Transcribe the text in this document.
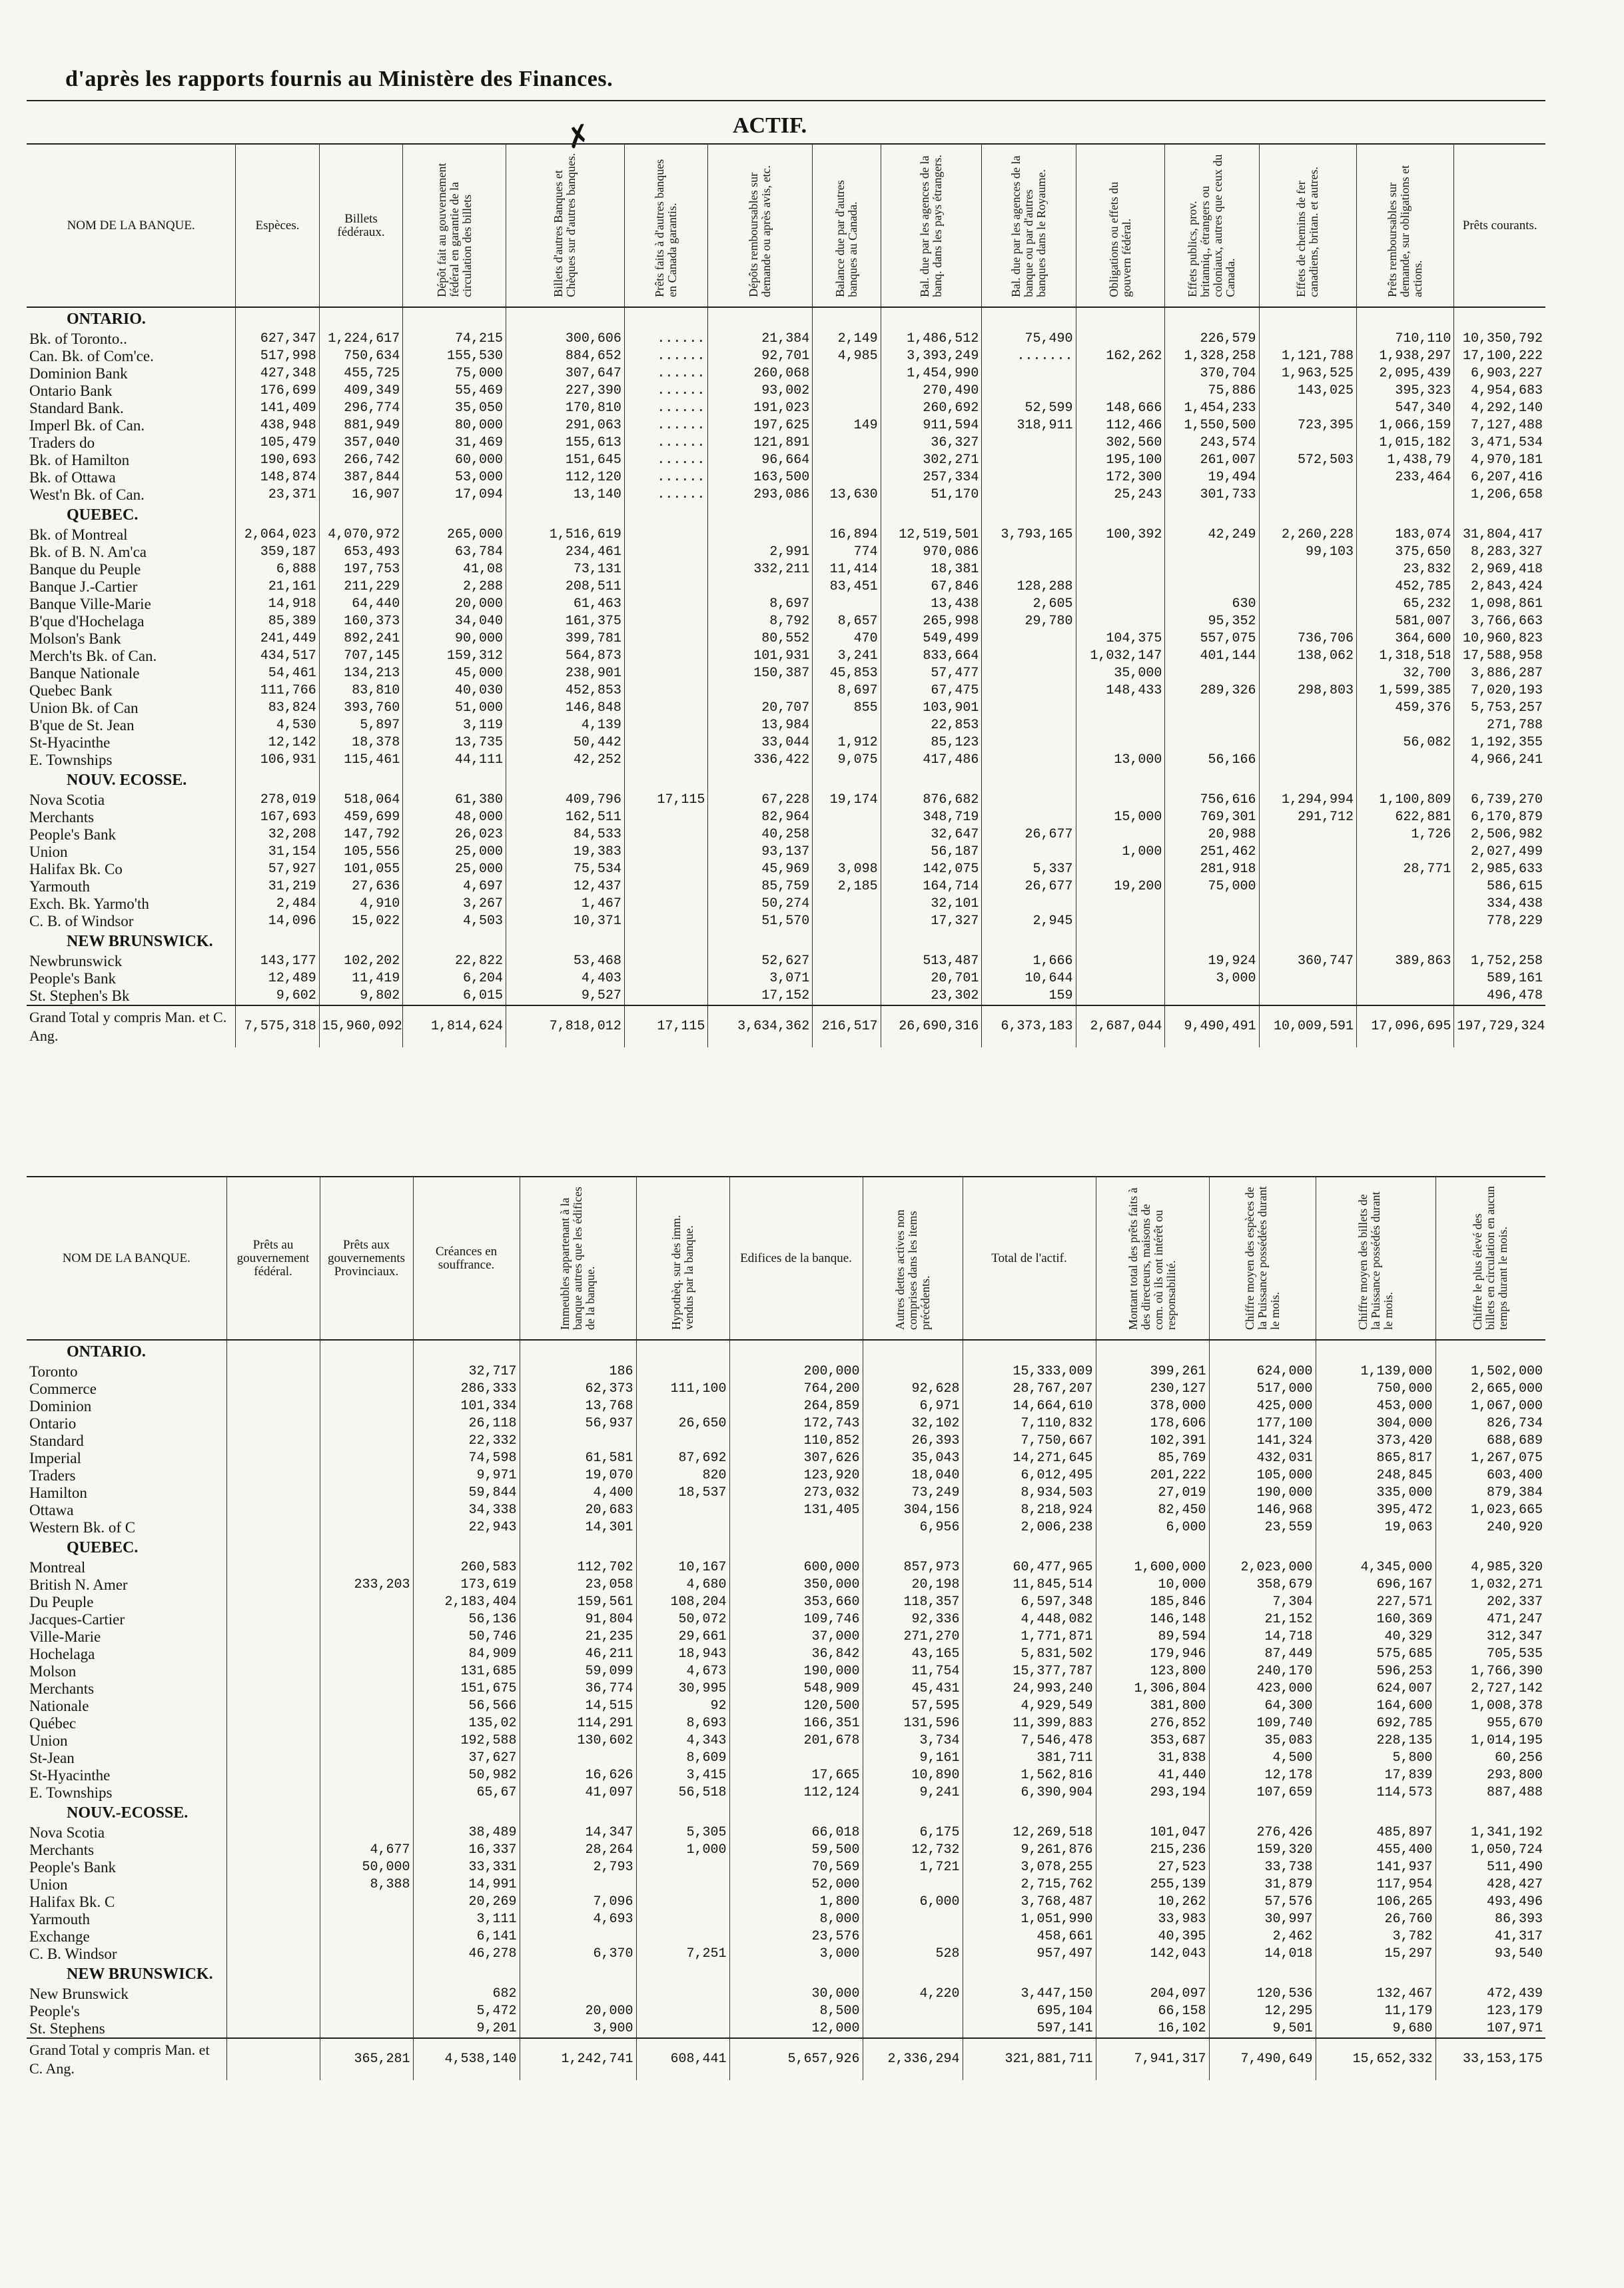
d'après les rapports fournis au Ministère des Finances.
✗	ACTIF.
NOM DE LA BANQUE.	Espèces.	Billets fédéraux.	Dépôt fait au gouvernement fédéral en garantie de la circulation des billets	Billets d'autres Banques et Chèques sur d'autres banques.	Prêts faits à d'autres banques en Canada garantis.	Dépôts remboursables sur demande ou après avis, etc.	Balance due par d'autres banques au Canada.	Bal. due par les agences de la banq. dans les pays étrangers.	Bal. due par les agences de la banque ou par d'autres banques dans le Royaume.	Obligations ou effets du gouvern fédéral.	Effets publics, prov. britanniq., étrangers ou coloniaux, autres que ceux du Canada.	Effets de chemins de fer canadiens, britan. et autres.	Prêts remboursables sur demande, sur obligations et actions.	Prêts courants.
ONTARIO.														
Bk. of Toronto..	627,347	1,224,617	74,215	300,606	......	21,384	2,149	1,486,512	75,490		226,579		710,110	10,350,792
Can. Bk. of Com'ce.	517,998	750,634	155,530	884,652	......	92,701	4,985	3,393,249	.......	162,262	1,328,258	1,121,788	1,938,297	17,100,222
Dominion Bank	427,348	455,725	75,000	307,647	......	260,068		1,454,990			370,704	1,963,525	2,095,439	6,903,227
Ontario Bank	176,699	409,349	55,469	227,390	......	93,002		270,490			75,886	143,025	395,323	4,954,683
Standard Bank.	141,409	296,774	35,050	170,810	......	191,023		260,692	52,599	148,666	1,454,233		547,340	4,292,140
Imperl Bk. of Can.	438,948	881,949	80,000	291,063	......	197,625	149	911,594	318,911	112,466	1,550,500	723,395	1,066,159	7,127,488
Traders do	105,479	357,040	31,469	155,613	......	121,891		36,327		302,560	243,574		1,015,182	3,471,534
Bk. of Hamilton	190,693	266,742	60,000	151,645	......	96,664		302,271		195,100	261,007	572,503	1,438,79	4,970,181
Bk. of Ottawa	148,874	387,844	53,000	112,120	......	163,500		257,334		172,300	19,494		233,464	6,207,416
West'n Bk. of Can.	23,371	16,907	17,094	13,140	......	293,086	13,630	51,170		25,243	301,733			1,206,658
QUEBEC.														
Bk. of Montreal	2,064,023	4,070,972	265,000	1,516,619			16,894	12,519,501	3,793,165	100,392	42,249	2,260,228	183,074	31,804,417
Bk. of B. N. Am'ca	359,187	653,493	63,784	234,461		2,991	774	970,086				99,103	375,650	8,283,327
Banque du Peuple	6,888	197,753	41,08	73,131		332,211	11,414	18,381					23,832	2,969,418
Banque J.-Cartier	21,161	211,229	2,288	208,511			83,451	67,846	128,288				452,785	2,843,424
Banque Ville-Marie	14,918	64,440	20,000	61,463		8,697		13,438	2,605		630		65,232	1,098,861
B'que d'Hochelaga	85,389	160,373	34,040	161,375		8,792	8,657	265,998	29,780		95,352		581,007	3,766,663
Molson's Bank	241,449	892,241	90,000	399,781		80,552	470	549,499		104,375	557,075	736,706	364,600	10,960,823
Merch'ts Bk. of Can.	434,517	707,145	159,312	564,873		101,931	3,241	833,664		1,032,147	401,144	138,062	1,318,518	17,588,958
Banque Nationale	54,461	134,213	45,000	238,901		150,387	45,853	57,477		35,000			32,700	3,886,287
Quebec Bank	111,766	83,810	40,030	452,853			8,697	67,475		148,433	289,326	298,803	1,599,385	7,020,193
Union Bk. of Can	83,824	393,760	51,000	146,848		20,707	855	103,901					459,376	5,753,257
B'que de St. Jean	4,530	5,897	3,119	4,139		13,984		22,853						271,788
St-Hyacinthe	12,142	18,378	13,735	50,442		33,044	1,912	85,123					56,082	1,192,355
E. Townships	106,931	115,461	44,111	42,252		336,422	9,075	417,486		13,000	56,166			4,966,241
NOUV. ECOSSE.														
Nova Scotia	278,019	518,064	61,380	409,796	17,115	67,228	19,174	876,682			756,616	1,294,994	1,100,809	6,739,270
Merchants	167,693	459,699	48,000	162,511		82,964		348,719		15,000	769,301	291,712	622,881	6,170,879
People's Bank	32,208	147,792	26,023	84,533		40,258		32,647	26,677		20,988		1,726	2,506,982
Union	31,154	105,556	25,000	19,383		93,137		56,187		1,000	251,462			2,027,499
Halifax Bk. Co	57,927	101,055	25,000	75,534		45,969	3,098	142,075	5,337		281,918		28,771	2,985,633
Yarmouth	31,219	27,636	4,697	12,437		85,759	2,185	164,714	26,677	19,200	75,000			586,615
Exch. Bk. Yarmo'th	2,484	4,910	3,267	1,467		50,274		32,101						334,438
C. B. of Windsor	14,096	15,022	4,503	10,371		51,570		17,327	2,945					778,229
NEW BRUNSWICK.														
Newbrunswick	143,177	102,202	22,822	53,468		52,627		513,487	1,666		19,924	360,747	389,863	1,752,258
People's Bank	12,489	11,419	6,204	4,403		3,071		20,701	10,644		3,000			589,161
St. Stephen's Bk	9,602	9,802	6,015	9,527		17,152		23,302	159					496,478
Grand Total y compris Man. et C. Ang.	7,575,318	15,960,092	1,814,624	7,818,012	17,115	3,634,362	216,517	26,690,316	6,373,183	2,687,044	9,490,491	10,009,591	17,096,695	197,729,324
NOM DE LA BANQUE.	Prêts au gouvernement fédéral.	Prêts aux gouvernements Provinciaux.	Créances en souffrance.	Immeubles appartenant à la banque autres que les édifices de la banque.	Hypothèq. sur des imm. vendus par la banque.	Edifices de la banque.	Autres dettes actives non comprises dans les items précédents.	Total de l'actif.	Montant total des prêts faits à des directeurs, maisons de com. où ils ont intérêt ou responsabilité.	Chiffre moyen des espèces de la Puissance possédées durant le mois.	Chiffre moyen des billets de la Puissance possédés durant le mois.	Chiffre le plus élevé des billets en circulation en aucun temps durant le mois.
ONTARIO.												
Toronto			32,717	186		200,000		15,333,009	399,261	624,000	1,139,000	1,502,000
Commerce			286,333	62,373	111,100	764,200	92,628	28,767,207	230,127	517,000	750,000	2,665,000
Dominion			101,334	13,768		264,859	6,971	14,664,610	378,000	425,000	453,000	1,067,000
Ontario			26,118	56,937	26,650	172,743	32,102	7,110,832	178,606	177,100	304,000	826,734
Standard			22,332			110,852	26,393	7,750,667	102,391	141,324	373,420	688,689
Imperial			74,598	61,581	87,692	307,626	35,043	14,271,645	85,769	432,031	865,817	1,267,075
Traders			9,971	19,070	820	123,920	18,040	6,012,495	201,222	105,000	248,845	603,400
Hamilton			59,844	4,400	18,537	273,032	73,249	8,934,503	27,019	190,000	335,000	879,384
Ottawa			34,338	20,683		131,405	304,156	8,218,924	82,450	146,968	395,472	1,023,665
Western Bk. of C			22,943	14,301			6,956	2,006,238	6,000	23,559	19,063	240,920
QUEBEC.												
Montreal			260,583	112,702	10,167	600,000	857,973	60,477,965	1,600,000	2,023,000	4,345,000	4,985,320
British N. Amer		233,203	173,619	23,058	4,680	350,000	20,198	11,845,514	10,000	358,679	696,167	1,032,271
Du Peuple			2,183,404	159,561	108,204	353,660	118,357	6,597,348	185,846	7,304	227,571	202,337
Jacques-Cartier			56,136	91,804	50,072	109,746	92,336	4,448,082	146,148	21,152	160,369	471,247
Ville-Marie			50,746	21,235	29,661	37,000	271,270	1,771,871	89,594	14,718	40,329	312,347
Hochelaga			84,909	46,211	18,943	36,842	43,165	5,831,502	179,946	87,449	575,685	705,535
Molson			131,685	59,099	4,673	190,000	11,754	15,377,787	123,800	240,170	596,253	1,766,390
Merchants			151,675	36,774	30,995	548,909	45,431	24,993,240	1,306,804	423,000	624,007	2,727,142
Nationale			56,566	14,515	92	120,500	57,595	4,929,549	381,800	64,300	164,600	1,008,378
Québec			135,02	114,291	8,693	166,351	131,596	11,399,883	276,852	109,740	692,785	955,670
Union			192,588	130,602	4,343	201,678	3,734	7,546,478	353,687	35,083	228,135	1,014,195
St-Jean			37,627		8,609		9,161	381,711	31,838	4,500	5,800	60,256
St-Hyacinthe			50,982	16,626	3,415	17,665	10,890	1,562,816	41,440	12,178	17,839	293,800
E. Townships			65,67	41,097	56,518	112,124	9,241	6,390,904	293,194	107,659	114,573	887,488
NOUV.-ECOSSE.												
Nova Scotia			38,489	14,347	5,305	66,018	6,175	12,269,518	101,047	276,426	485,897	1,341,192
Merchants		4,677	16,337	28,264	1,000	59,500	12,732	9,261,876	215,236	159,320	455,400	1,050,724
People's Bank		50,000	33,331	2,793		70,569	1,721	3,078,255	27,523	33,738	141,937	511,490
Union		8,388	14,991			52,000		2,715,762	255,139	31,879	117,954	428,427
Halifax Bk. C			20,269	7,096		1,800	6,000	3,768,487	10,262	57,576	106,265	493,496
Yarmouth			3,111	4,693		8,000		1,051,990	33,983	30,997	26,760	86,393
Exchange			6,141			23,576		458,661	40,395	2,462	3,782	41,317
C. B. Windsor			46,278	6,370	7,251	3,000	528	957,497	142,043	14,018	15,297	93,540
NEW BRUNSWICK.												
New Brunswick			682			30,000	4,220	3,447,150	204,097	120,536	132,467	472,439
People's			5,472	20,000		8,500		695,104	66,158	12,295	11,179	123,179
St. Stephens			9,201	3,900		12,000		597,141	16,102	9,501	9,680	107,971
Grand Total y compris Man. et C. Ang.		365,281	4,538,140	1,242,741	608,441	5,657,926	2,336,294	321,881,711	7,941,317	7,490,649	15,652,332	33,153,175
